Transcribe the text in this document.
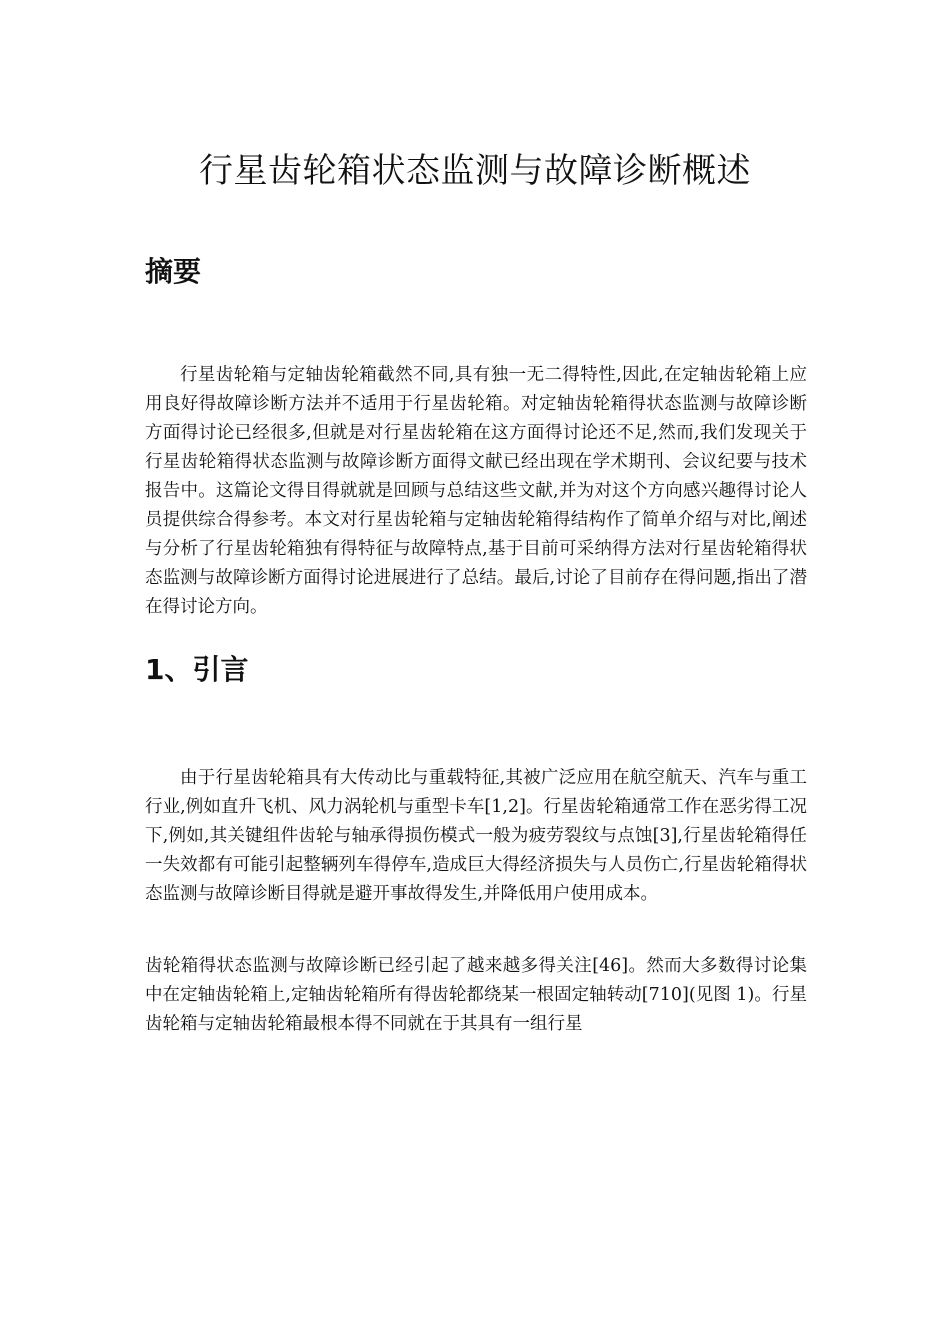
行星齿轮箱状态监测与故障诊断概述
摘要

行星齿轮箱与定轴齿轮箱截然不同,具有独一无二得特性,因此,在定轴齿轮箱上应用良好得故障诊断方法并不适用于行星齿轮箱。对定轴齿轮箱得状态监测与故障诊断方面得讨论已经很多,但就是对行星齿轮箱在这方面得讨论还不足,然而,我们发现关于行星齿轮箱得状态监测与故障诊断方面得文献已经出现在学术期刊、会议纪要与技术报告中。这篇论文得目得就就是回顾与总结这些文献,并为对这个方向感兴趣得讨论人员提供综合得参考。本文对行星齿轮箱与定轴齿轮箱得结构作了简单介绍与对比,阐述与分析了行星齿轮箱独有得特征与故障特点,基于目前可采纳得方法对行星齿轮箱得状态监测与故障诊断方面得讨论进展进行了总结。最后,讨论了目前存在得问题,指出了潜在得讨论方向。

1、引言

由于行星齿轮箱具有大传动比与重载特征,其被广泛应用在航空航天、汽车与重工行业,例如直升飞机、风力涡轮机与重型卡车[1,2]。行星齿轮箱通常工作在恶劣得工况下,例如,其关键组件齿轮与轴承得损伤模式一般为疲劳裂纹与点蚀[3],行星齿轮箱得任一失效都有可能引起整辆列车得停车,造成巨大得经济损失与人员伤亡,行星齿轮箱得状态监测与故障诊断目得就是避开事故得发生,并降低用户使用成本。

齿轮箱得状态监测与故障诊断已经引起了越来越多得关注[46]。然而大多数得讨论集中在定轴齿轮箱上,定轴齿轮箱所有得齿轮都绕某一根固定轴转动[710](见图 1)。行星齿轮箱与定轴齿轮箱最根本得不同就在于其具有一组行星
